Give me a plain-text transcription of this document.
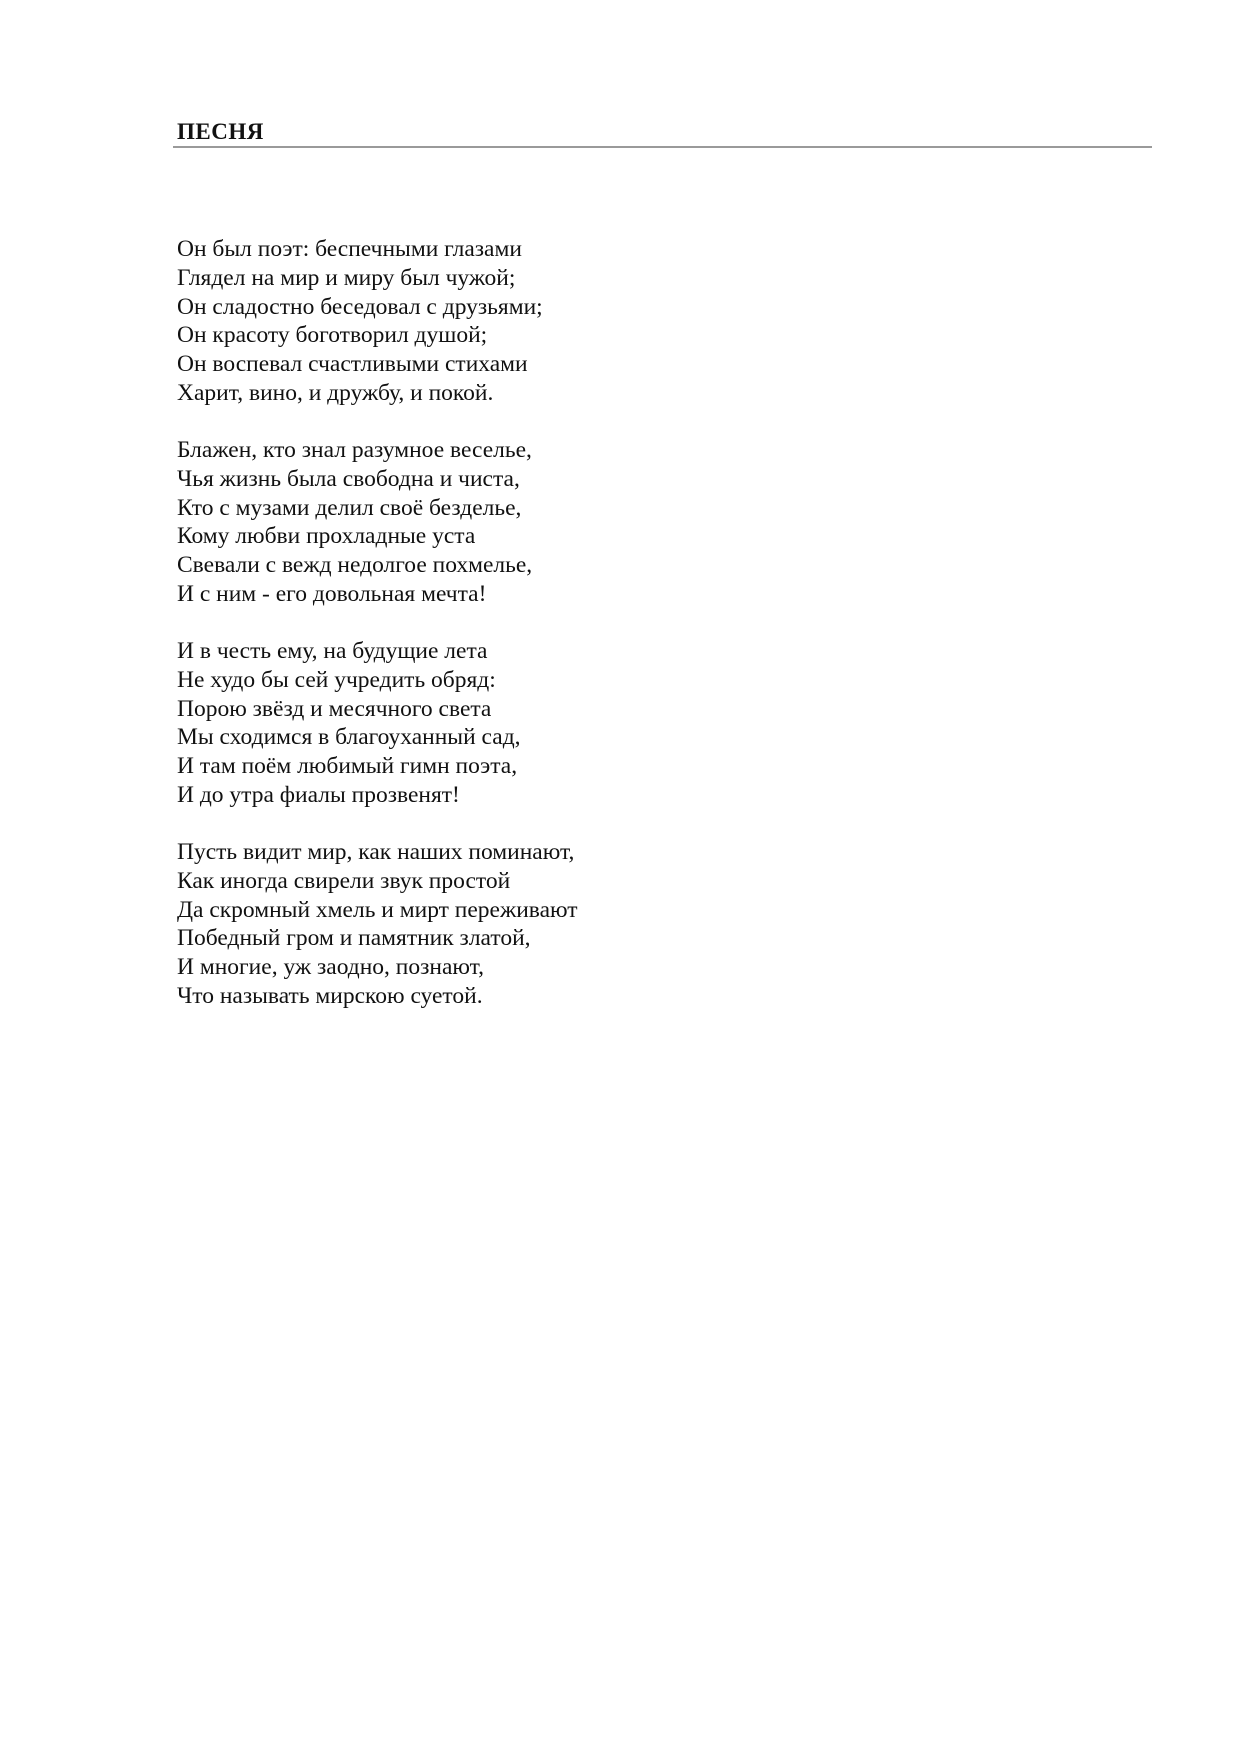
ПЕСНЯ
Он был поэт: беспечными глазами
Глядел на мир и миру был чужой;
Он сладостно беседовал с друзьями;
Он красоту боготворил душой;
Он воспевал счастливыми стихами
Харит, вино, и дружбу, и покой.
Блажен, кто знал разумное веселье,
Чья жизнь была свободна и чиста,
Кто с музами делил своё безделье,
Кому любви прохладные уста
Свевали с вежд недолгое похмелье,
И с ним - его довольная мечта!
И в честь ему, на будущие лета
Не худо бы сей учредить обряд:
Порою звёзд и месячного света
Мы сходимся в благоуханный сад,
И там поём любимый гимн поэта,
И до утра фиалы прозвенят!
Пусть видит мир, как наших поминают,
Как иногда свирели звук простой
Да скромный хмель и мирт переживают
Победный гром и памятник златой,
И многие, уж заодно, познают,
Что называть мирскою суетой.
